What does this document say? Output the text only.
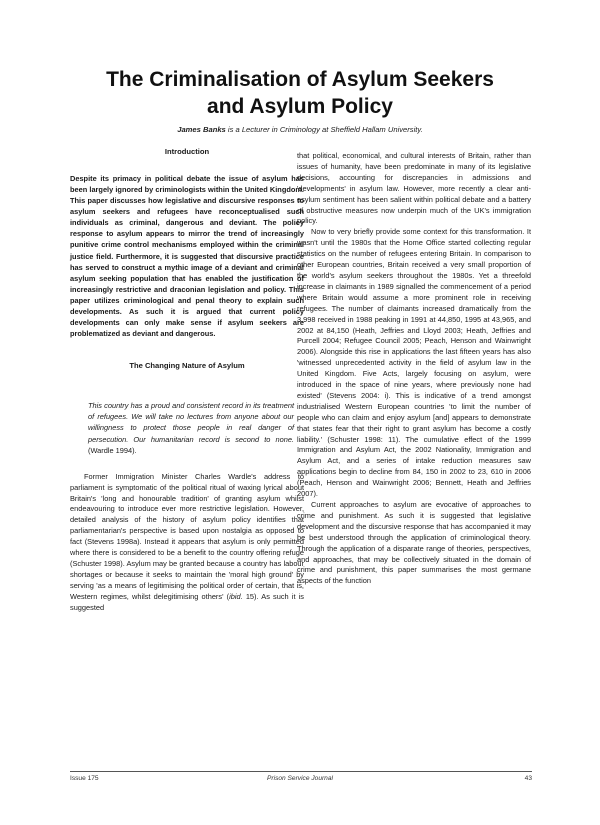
The Criminalisation of Asylum Seekers
and Asylum Policy

James Banks is a Lecturer in Criminology at Sheffield Hallam University.

Introduction

Despite its primacy in political debate the issue of asylum has been largely ignored by criminologists within the United Kingdom. This paper discusses how legislative and discursive responses to asylum seekers and refugees have reconceptualised such individuals as criminal, dangerous and deviant. The policy response to asylum appears to mirror the trend of increasingly punitive crime control mechanisms employed within the criminal justice field. Furthermore, it is suggested that discursive practice has served to construct a mythic image of a deviant and criminal asylum seeking population that has enabled the justification of increasingly restrictive and draconian legislation and policy. This paper utilizes criminological and penal theory to explain such developments. As such it is argued that current policy developments can only make sense if asylum seekers are problematized as deviant and dangerous.

The Changing Nature of Asylum

This country has a proud and consistent record in its treatment of refugees. We will take no lectures from anyone about our willingness to protect those people in real danger of persecution. Our humanitarian record is second to none. (Wardle 1994).

Former Immigration Minister Charles Wardle's address to parliament is symptomatic of the political ritual of waxing lyrical about Britain's 'long and honourable tradition' of granting asylum whilst endeavouring to introduce ever more restrictive legislation. However, detailed analysis of the history of asylum policy identifies that parliamentarian's perspective is based upon nostalgia as opposed to fact (Stevens 1998a). Instead it appears that asylum is only permitted where there is considered to be a benefit to the country offering refuge (Schuster 1998). Asylum may be granted because a country has labour shortages or because it seeks to maintain the 'moral high ground' by serving 'as a means of legitimising the political order of certain, that is, Western regimes, whilst delegitimising others' (ibid. 15). As such it is suggested

that political, economical, and cultural interests of Britain, rather than issues of humanity, have been predominate in many of its legislative decisions, accounting for discrepancies in admissions and 'developments' in asylum law. However, more recently a clear anti-asylum sentiment has been salient within political debate and a battery of obstructive measures now underpin much of the UK's immigration policy.

Now to very briefly provide some context for this transformation. It wasn't until the 1980s that the Home Office started collecting regular statistics on the number of refugees entering Britain. In comparison to other European countries, Britain received a very small proportion of the world's asylum seekers throughout the 1980s. Yet a threefold increase in claimants in 1989 signalled the commencement of a period where Britain would assume a more prominent role in receiving refugees. The number of claimants increased dramatically from the 3,998 received in 1988 peaking in 1991 at 44,850, 1995 at 43,965, and 2002 at 84,150 (Heath, Jeffries and Lloyd 2003; Heath, Jeffries and Purcell 2004; Refugee Council 2005; Peach, Henson and Wainwright 2006). Alongside this rise in applications the last fifteen years has also 'witnessed unprecedented activity in the field of asylum law in the United Kingdom. Five Acts, largely focusing on asylum, were introduced in the space of nine years, where previously none had existed' (Stevens 2004: i). This is indicative of a trend amongst industrialised Western European countries 'to limit the number of people who can claim and enjoy asylum [and] appears to demonstrate that states fear that their right to grant asylum has become a costly liability.' (Schuster 1998: 11). The cumulative effect of the 1999 Immigration and Asylum Act, the 2002 Nationality, Immigration and Asylum Act, and a series of intake reduction measures saw applications begin to decline from 84, 150 in 2002 to 23, 610 in 2006 (Peach, Henson and Wainwright 2006; Bennett, Heath and Jeffries 2007).

Current approaches to asylum are evocative of approaches to crime and punishment. As such it is suggested that legislative development and the discursive response that has accompanied it may be best understood through the application of criminological theory. Through the application of a disparate range of theories, perspectives, and approaches, that may be collectively situated in the domain of crime and punishment, this paper summarises the most germane aspects of the function

Issue 175	Prison Service Journal	43
